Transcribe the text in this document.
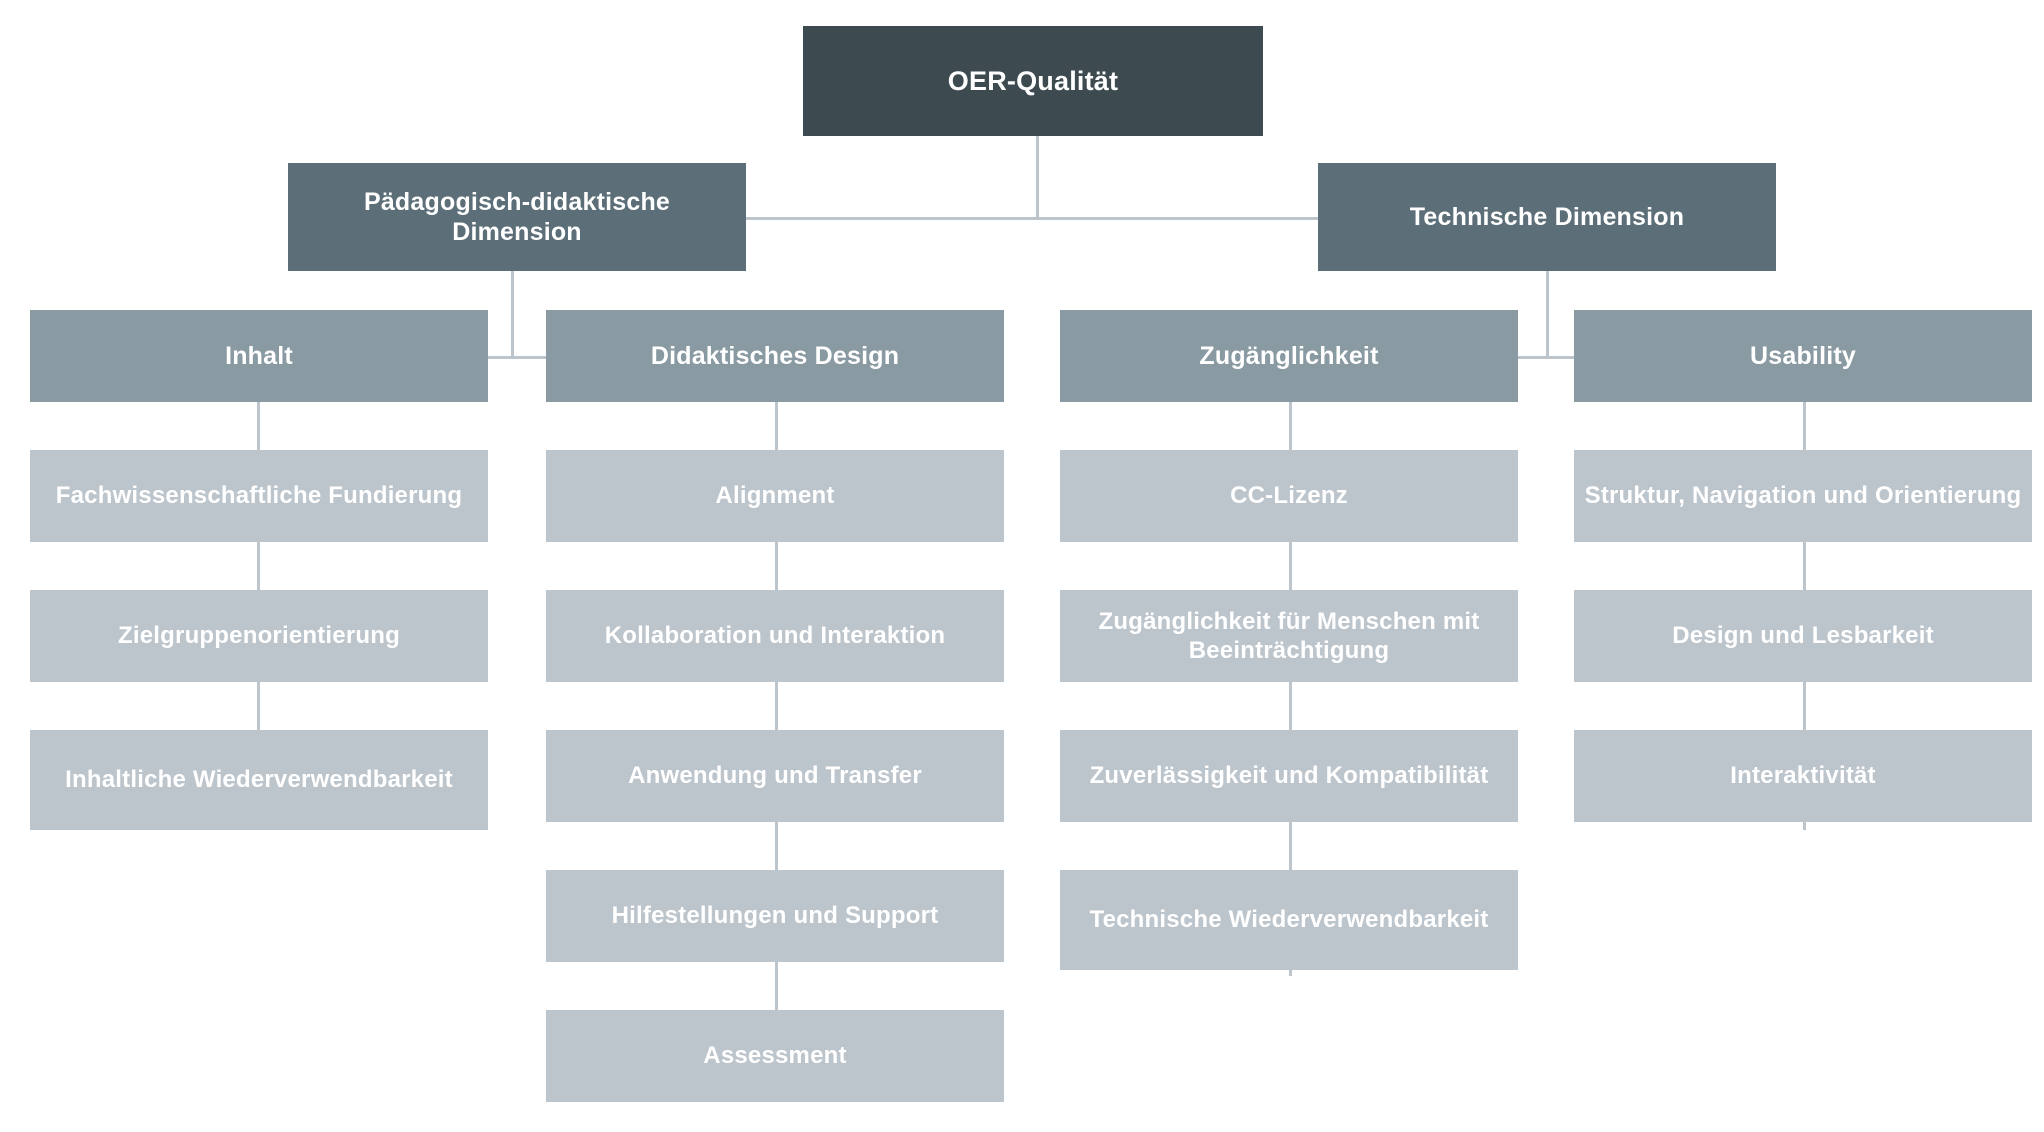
OER-Qualität
Pädagogisch-didaktische Dimension
Technische Dimension
Inhalt	Didaktisches Design	Zugänglichkeit	Usability
Fachwissenschaftliche Fundierung
Zielgruppenorientierung
Inhaltliche Wiederverwendbarkeit
Alignment
Kollaboration und Interaktion
Anwendung und Transfer
Hilfestellungen und Support
Assessment
CC-Lizenz
Zugänglichkeit für Menschen mit Beeinträchtigung
Zuverlässigkeit und Kompatibilität
Technische Wiederverwendbarkeit
Struktur, Navigation und Orientierung
Design und Lesbarkeit
Interaktivität
